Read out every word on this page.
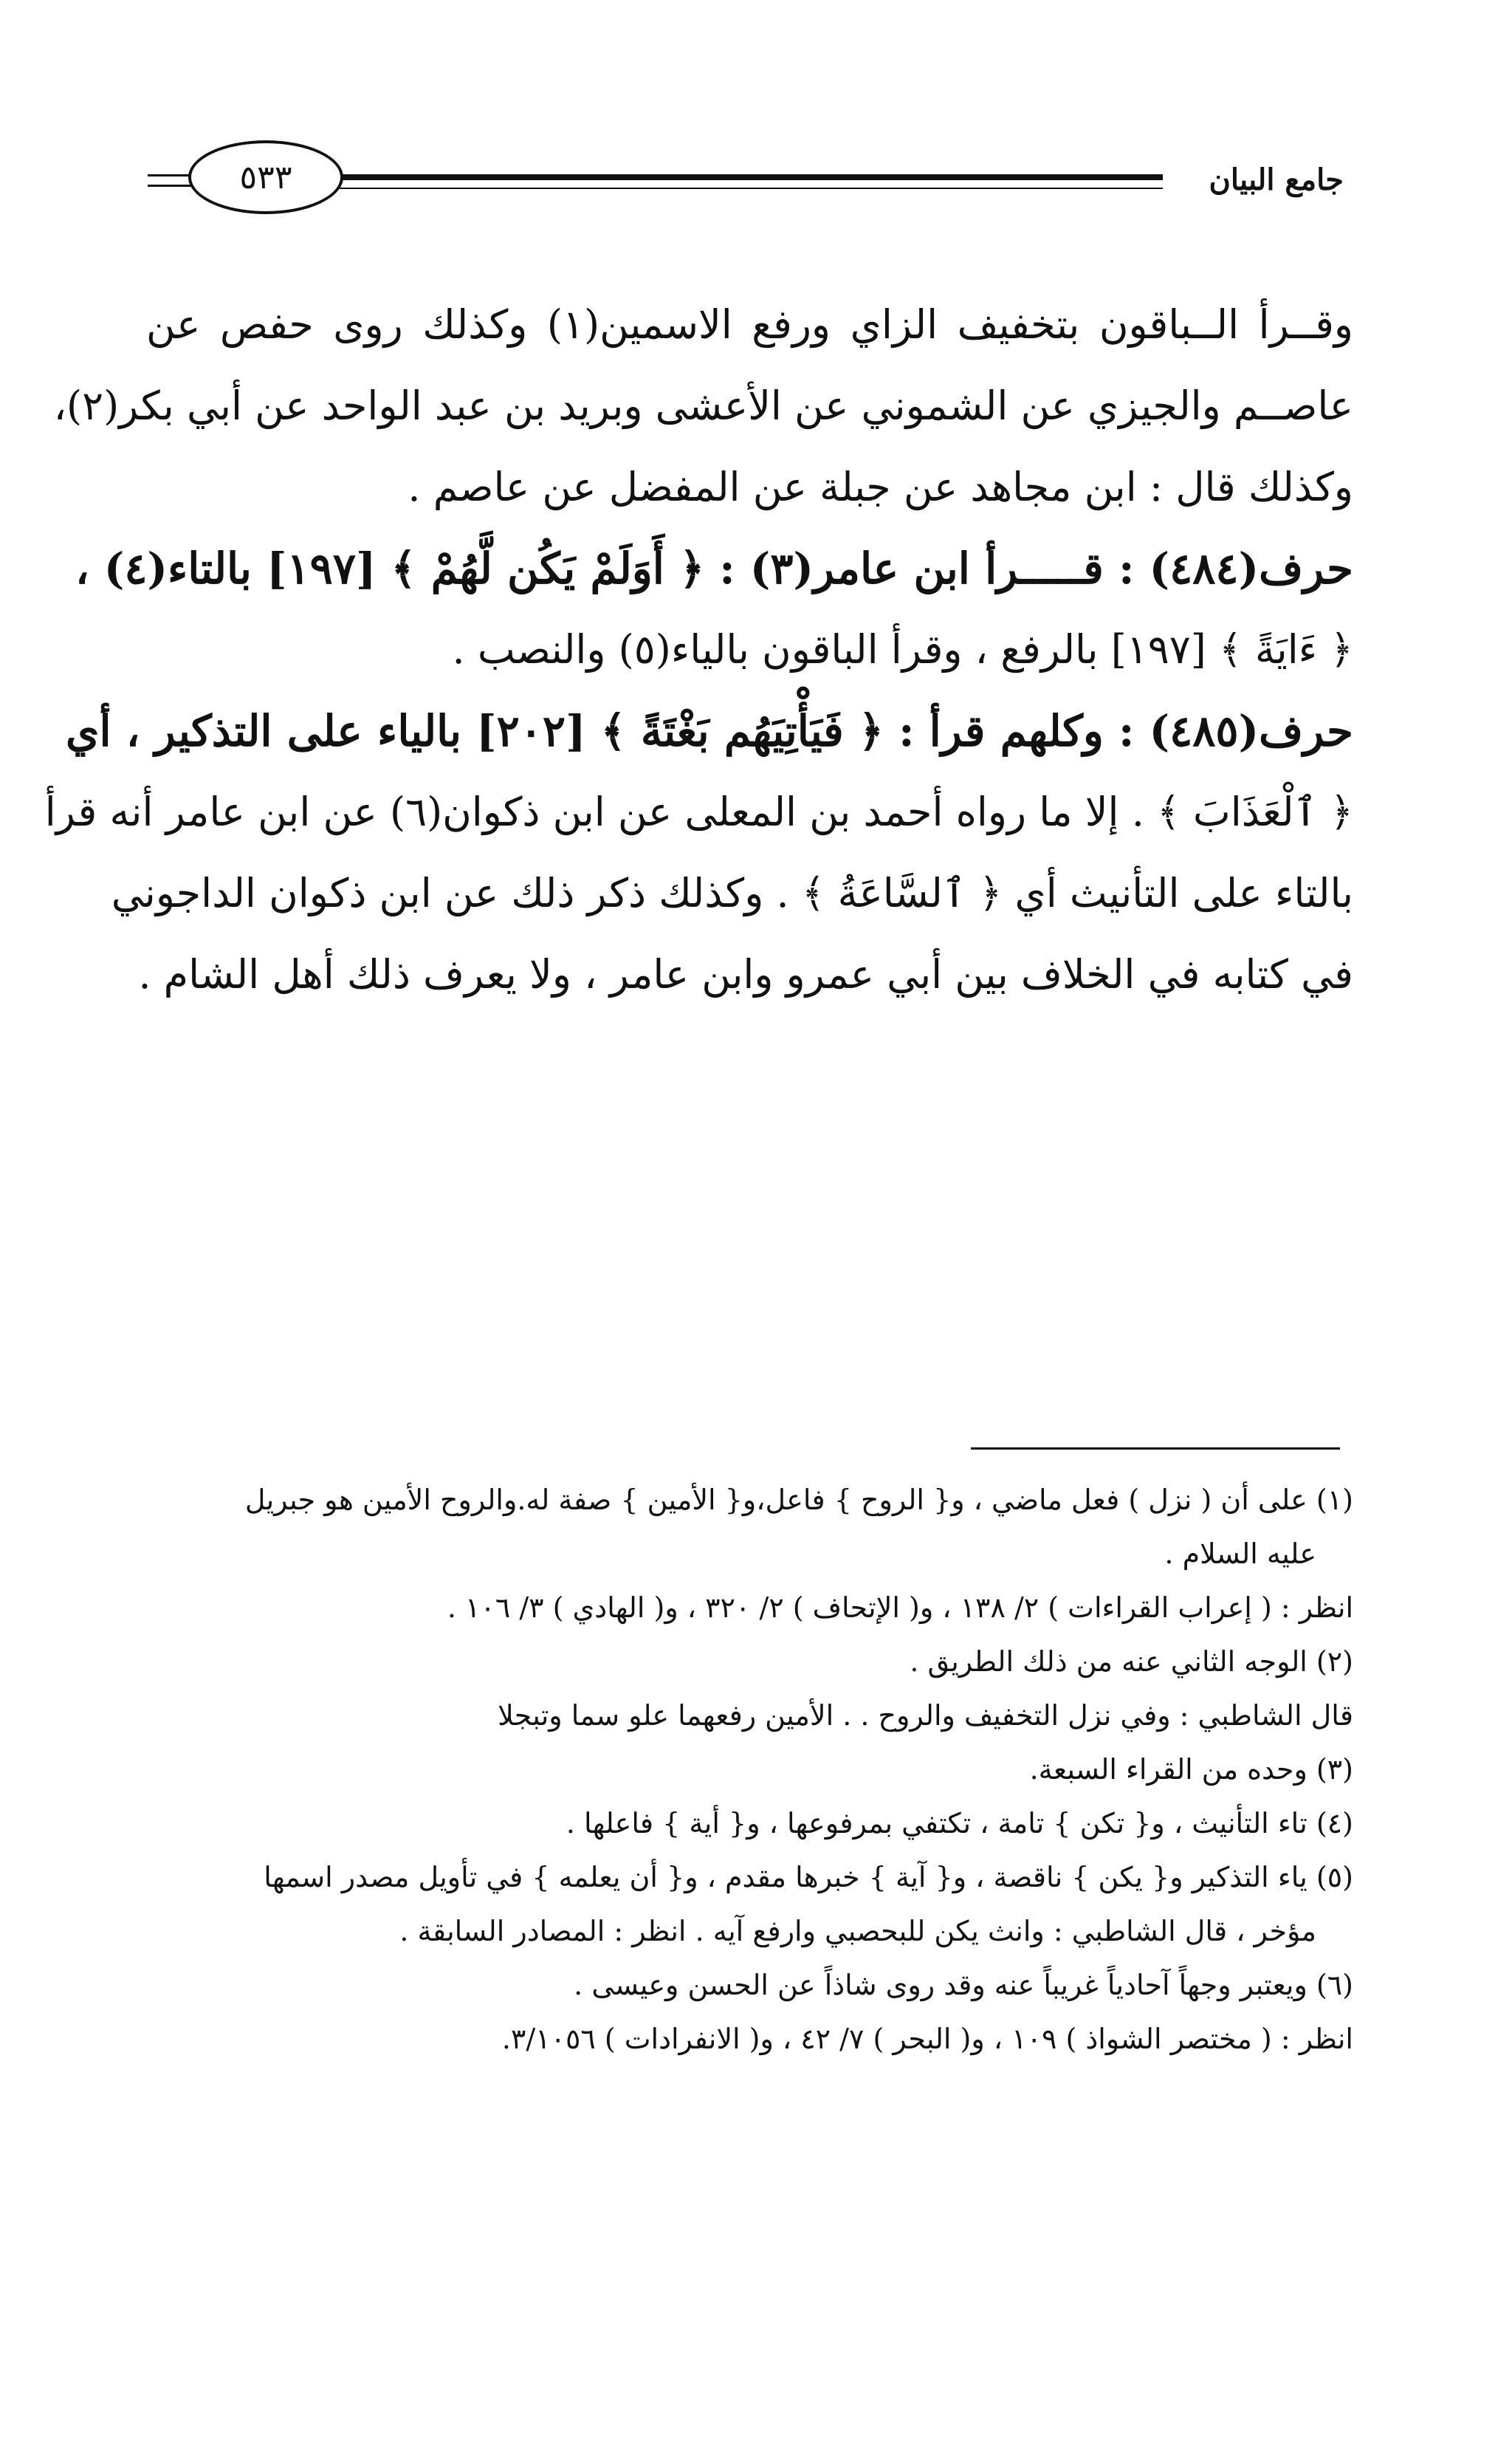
جامع البيان
٥٣٣
وقــرأ الــباقون بتخفيف الزاي ورفع الاسمين(١) وكذلك روى حفص عن
عاصــم والجيزي عن الشموني عن الأعشى وبريد بن عبد الواحد عن أبي بكر(٢)،
وكذلك قال : ابن مجاهد عن جبلة عن المفضل عن عاصم .
حرف(٤٨٤) : قـــــرأ ابن عامر(٣) : ﴿ أَوَلَمْ يَكُن لَّهُمْ ﴾ [١٩٧] بالتاء(٤) ،
﴿ ءَايَةً ﴾ [١٩٧] بالرفع ، وقرأ الباقون بالياء(٥) والنصب .
حرف(٤٨٥) : وكلهم قرأ : ﴿ فَيَأْتِيَهُم بَغْتَةً ﴾ [٢٠٢] بالياء على التذكير ، أي
﴿ ٱلْعَذَابَ ﴾ . إلا ما رواه أحمد بن المعلى عن ابن ذكوان(٦) عن ابن عامر أنه قرأ
بالتاء على التأنيث أي ﴿ ٱلسَّاعَةُ ﴾ . وكذلك ذكر ذلك عن ابن ذكوان الداجوني
في كتابه في الخلاف بين أبي عمرو وابن عامر ، ولا يعرف ذلك أهل الشام .
(١) على أن ( نزل ) فعل ماضي ، و{ الروح } فاعل،و{ الأمين } صفة له.والروح الأمين هو جبريل
عليه السلام .
انظر : ( إعراب القراءات ) ٢/ ١٣٨ ، و( الإتحاف ) ٢/ ٣٢٠ ، و( الهادي ) ٣/ ١٠٦ .
(٢) الوجه الثاني عنه من ذلك الطريق .
قال الشاطبي : وفي نزل التخفيف والروح . . الأمين رفعهما علو سما وتبجلا
(٣) وحده من القراء السبعة.
(٤) تاء التأنيث ، و{ تكن } تامة ، تكتفي بمرفوعها ، و{ أية } فاعلها .
(٥) ياء التذكير و{ يكن } ناقصة ، و{ آية } خبرها مقدم ، و{ أن يعلمه } في تأويل مصدر اسمها
مؤخر ، قال الشاطبي : وانث يكن للبحصبي وارفع آيه . انظر : المصادر السابقة .
(٦) ويعتبر وجهاً آحادياً غريباً عنه وقد روى شاذاً عن الحسن وعيسى .
انظر : ( مختصر الشواذ ) ١٠٩ ، و( البحر ) ٧/ ٤٢ ، و( الانفرادات ) ٣/١٠٥٦.
